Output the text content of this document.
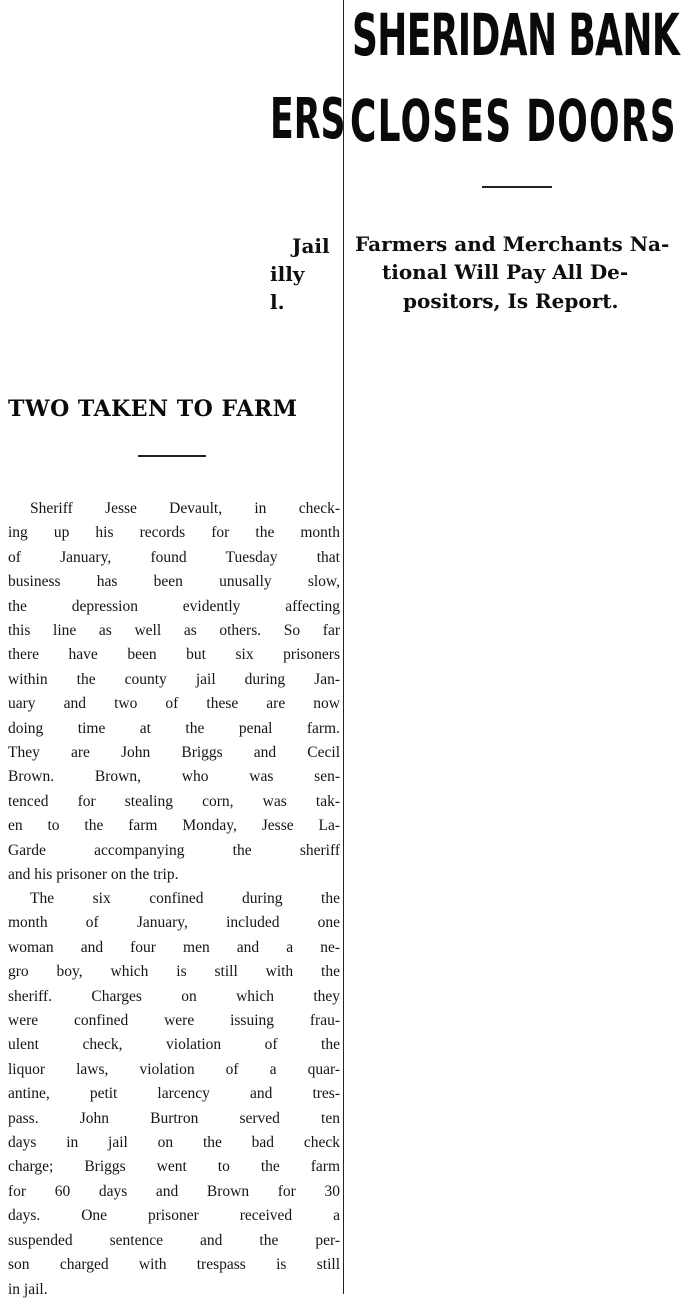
ERS
Jail
illy
l.
SHERIDAN BANK
CLOSES DOORS
Farmers and Merchants Na-
tional Will Pay All De-
positors, Is Report.
TWO TAKEN TO FARM
Sheriff Jesse Devault, in check-
ing up his records for the month
of January, found Tuesday that
business has been unusally slow,
the depression evidently affecting
this line as well as others. So far
there have been but six prisoners
within the county jail during Jan-
uary and two of these are now
doing time at the penal farm.
They are John Briggs and Cecil
Brown. Brown, who was sen-
tenced for stealing corn, was tak-
en to the farm Monday, Jesse La-
Garde accompanying the sheriff
and his prisoner on the trip.
The six confined during the
month of January, included one
woman and four men and a ne-
gro boy, which is still with the
sheriff. Charges on which they
were confined were issuing frau-
ulent check, violation of the
liquor laws, violation of a quar-
antine, petit larcency and tres-
pass. John Burtron served ten
days in jail on the bad check
charge; Briggs went to the farm
for 60 days and Brown for 30
days. One prisoner received a
suspended sentence and the per-
son charged with trespass is still
in jail.
